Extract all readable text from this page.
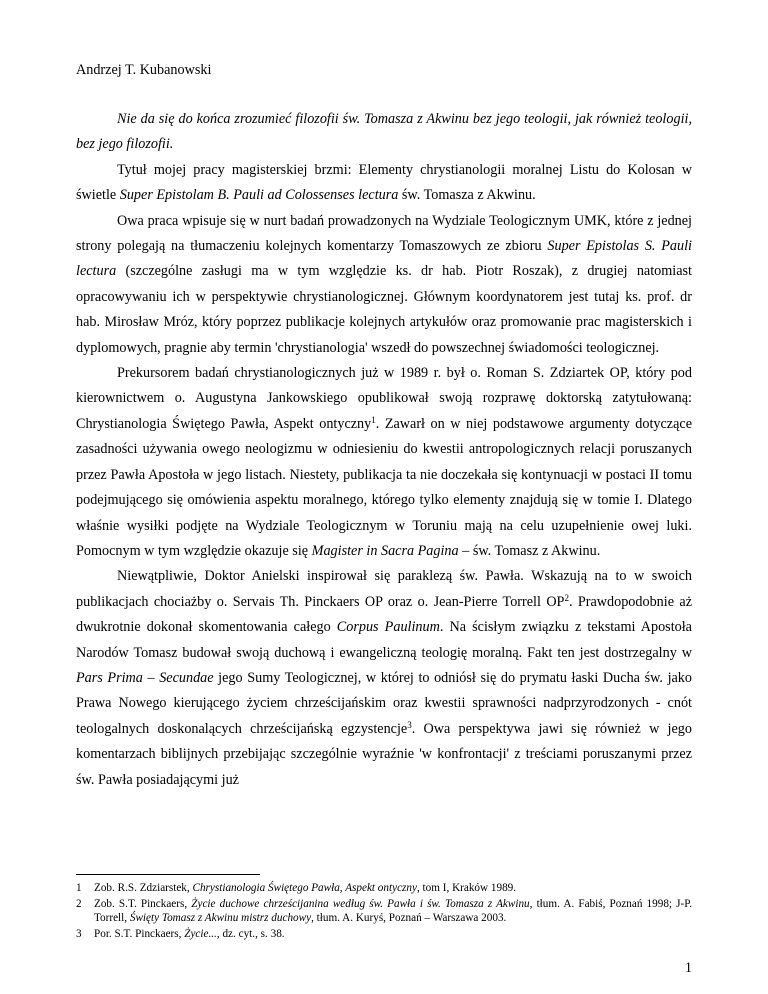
Andrzej T. Kubanowski

Nie da się do końca zrozumieć filozofii św. Tomasza z Akwinu bez jego teologii, jak również teologii, bez jego filozofii.

Tytuł mojej pracy magisterskiej brzmi: Elementy chrystianologii moralnej Listu do Kolosan w świetle Super Epistolam B. Pauli ad Colossenses lectura św. Tomasza z Akwinu.

Owa praca wpisuje się w nurt badań prowadzonych na Wydziale Teologicznym UMK, które z jednej strony polegają na tłumaczeniu kolejnych komentarzy Tomaszowych ze zbioru Super Epistolas S. Pauli lectura (szczególne zasługi ma w tym względzie ks. dr hab. Piotr Roszak), z drugiej natomiast opracowywaniu ich w perspektywie chrystianologicznej. Głównym koordynatorem jest tutaj ks. prof. dr hab. Mirosław Mróz, który poprzez publikacje kolejnych artykułów oraz promowanie prac magisterskich i dyplomowych, pragnie aby termin 'chrystianologia' wszedł do powszechnej świadomości teologicznej.

Prekursorem badań chrystianologicznych już w 1989 r. był o. Roman S. Zdziartek OP, który pod kierownictwem o. Augustyna Jankowskiego opublikował swoją rozprawę doktorską zatytułowaną: Chrystianologia Świętego Pawła, Aspekt ontyczny$^1$. Zawarł on w niej podstawowe argumenty dotyczące zasadności używania owego neologizmu w odniesieniu do kwestii antropologicznych relacji poruszanych przez Pawła Apostoła w jego listach. Niestety, publikacja ta nie doczekała się kontynuacji w postaci II tomu podejmującego się omówienia aspektu moralnego, którego tylko elementy znajdują się w tomie I. Dlatego właśnie wysiłki podjęte na Wydziale Teologicznym w Toruniu mają na celu uzupełnienie owej luki. Pomocnym w tym względzie okazuje się Magister in Sacra Pagina – św. Tomasz z Akwinu.

Niewątpliwie, Doktor Anielski inspirował się paraklezą św. Pawła. Wskazują na to w swoich publikacjach chociażby o. Servais Th. Pinckaers OP oraz o. Jean-Pierre Torrell $OP^2$. Prawdopodobnie aż dwukrotnie dokonał skomentowania całego Corpus Paulinum. Na ścisłym związku z tekstami Apostoła Narodów Tomasz budował swoją duchową i ewangeliczną teologię moralną. Fakt ten jest dostrzegalny w Pars Prima – Secundae jego Sumy Teologicznej, w której to odniósł się do prymatu łaski Ducha św. jako Prawa Nowego kierującego życiem chrześcijańskim oraz kwestii sprawności nadprzyrodzonych - cnót teologalnych doskonalących chrześcijańską egzystencje$^3$. Owa perspektywa jawi się również w jego komentarzach biblijnych przebijając szczególnie wyraźnie 'w konfrontacji' z treściami poruszanymi przez św. Pawła posiadającymi już

1 Zob. R.S. Zdziarstek, Chrystianologia Świętego Pawła, Aspekt ontyczny, tom I, Kraków 1989.

2 Zob. S.T. Pinckaers, Życie duchowe chrześcijanina według św. Pawła i św. Tomasza z Akwinu, tłum. A. Fabiś, Poznań 1998; J-P. Torrell, Święty Tomasz z Akwinu mistrz duchowy, tłum. A. Kuryś, Poznań – Warszawa 2003.

3 Por. S.T. Pinckaers, Życie..., dz. cyt., s. 38.

1
